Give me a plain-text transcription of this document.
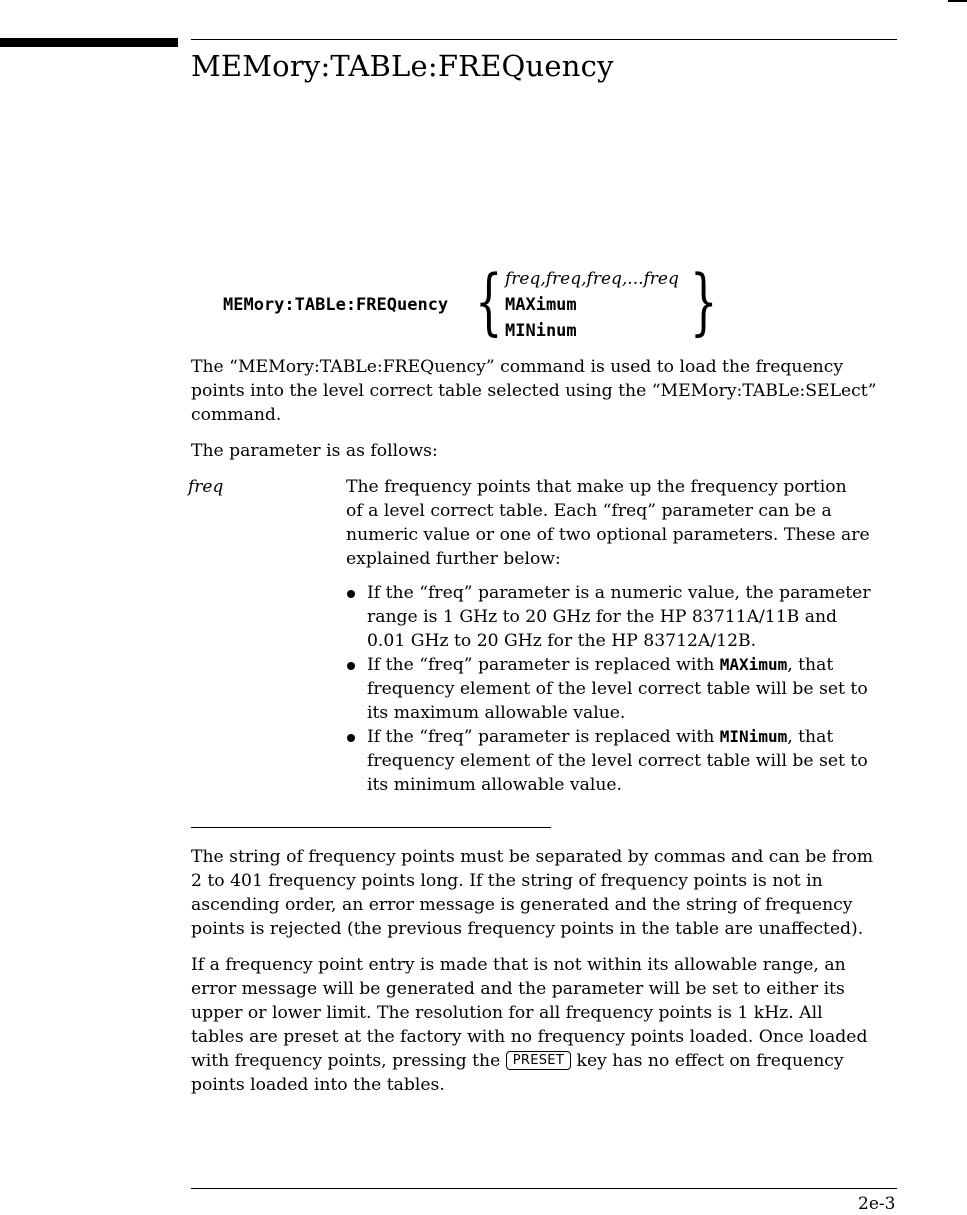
MEMory:TABLe:FREQuency
MEMory:TABLe:FREQuency { freq,freq,freq,...freq
MAXimum
MINinum }
The “MEMory:TABLe:FREQuency” command is used to load the frequency
points into the level correct table selected using the “MEMory:TABLe:SELect”
command.
The parameter is as follows:
freq	The frequency points that make up the frequency portion
of a level correct table. Each “freq” parameter can be a
numeric value or one of two optional parameters. These are
explained further below:
If the “freq” parameter is a numeric value, the parameter
range is 1 GHz to 20 GHz for the HP 83711A/11B and
0.01 GHz to 20 GHz for the HP 83712A/12B.
If the “freq” parameter is replaced with MAXimum, that
frequency element of the level correct table will be set to
its maximum allowable value.
If the “freq” parameter is replaced with MINimum, that
frequency element of the level correct table will be set to
its minimum allowable value.
The string of frequency points must be separated by commas and can be from
2 to 401 frequency points long. If the string of frequency points is not in
ascending order, an error message is generated and the string of frequency
points is rejected (the previous frequency points in the table are unaffected).
If a frequency point entry is made that is not within its allowable range, an
error message will be generated and the parameter will be set to either its
upper or lower limit. The resolution for all frequency points is 1 kHz. All
tables are preset at the factory with no frequency points loaded. Once loaded
with frequency points, pressing the PRESET key has no effect on frequency
points loaded into the tables.
2e-3
